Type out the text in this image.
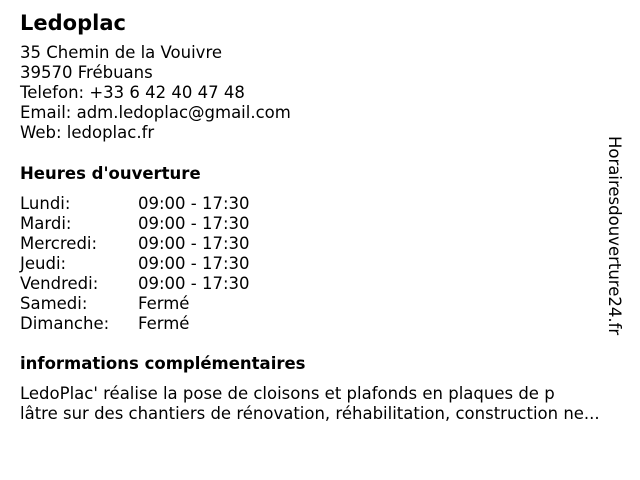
Ledoplac
35 Chemin de la Vouivre
39570 Frébuans
Telefon: +33 6 42 40 47 48
Email: adm.ledoplac@gmail.com
Web: ledoplac.fr
Heures d'ouverture
Lundi:	09:00 - 17:30
Mardi:	09:00 - 17:30
Mercredi:	09:00 - 17:30
Jeudi:	09:00 - 17:30
Vendredi:	09:00 - 17:30
Samedi:	Fermé
Dimanche:	Fermé
informations complémentaires
LedoPlac' réalise la pose de cloisons et plafonds en plaques de p
lâtre sur des chantiers de rénovation, réhabilitation, construction ne...
Horairesdouverture24.fr
